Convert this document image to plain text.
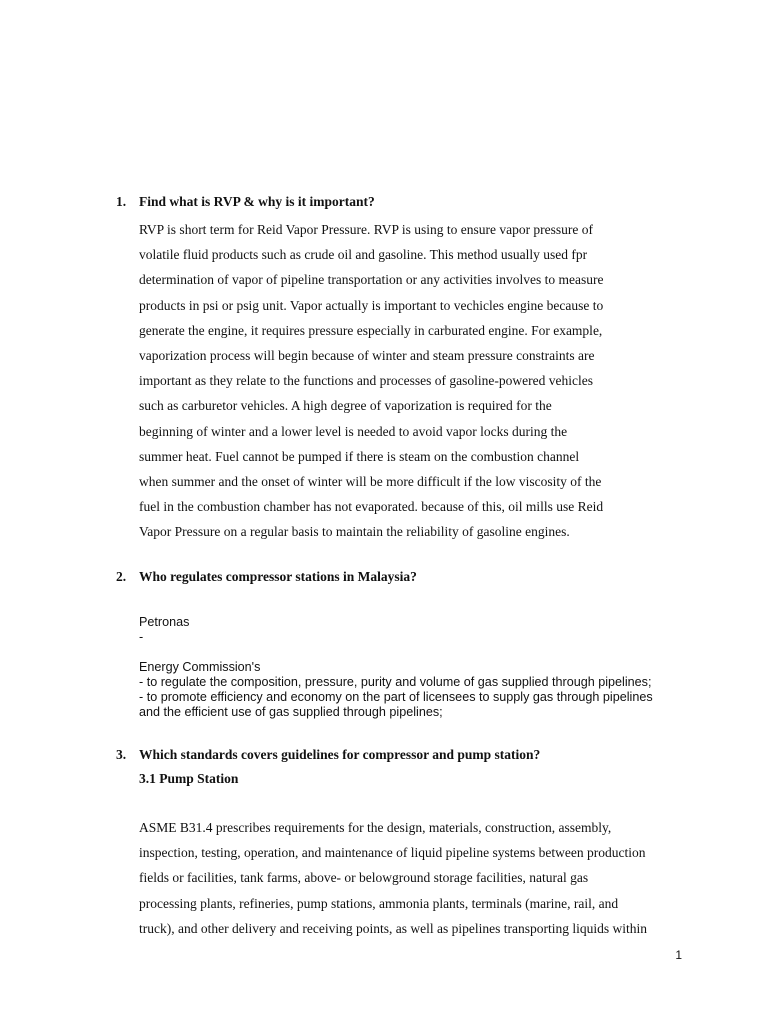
1. Find what is RVP & why is it important?

RVP is short term for Reid Vapor Pressure. RVP is using to ensure vapor pressure of

volatile fluid products such as crude oil and gasoline. This method usually used fpr

determination of vapor of pipeline transportation or any activities involves to measure

products in psi or psig unit. Vapor actually is important to vechicles engine because to

generate the engine, it requires pressure especially in carburated engine. For example,

vaporization process will begin because of winter and steam pressure constraints are

important as they relate to the functions and processes of gasoline-powered vehicles

such as carburetor vehicles. A high degree of vaporization is required for the

beginning of winter and a lower level is needed to avoid vapor locks during the

summer heat. Fuel cannot be pumped if there is steam on the combustion channel

when summer and the onset of winter will be more difficult if the low viscosity of the

fuel in the combustion chamber has not evaporated. because of this, oil mills use Reid

Vapor Pressure on a regular basis to maintain the reliability of gasoline engines.

2. Who regulates compressor stations in Malaysia?
Petronas
-
Energy Commission's
- to regulate the composition, pressure, purity and volume of gas supplied through pipelines;
- to promote efficiency and economy on the part of licensees to supply gas through pipelines
and the efficient use of gas supplied through pipelines;
3. Which standards covers guidelines for compressor and pump station?
3.1 Pump Station

ASME B31.4 prescribes requirements for the design, materials, construction, assembly,

inspection, testing, operation, and maintenance of liquid pipeline systems between production

fields or facilities, tank farms, above- or belowground storage facilities, natural gas

processing plants, refineries, pump stations, ammonia plants, terminals (marine, rail, and

truck), and other delivery and receiving points, as well as pipelines transporting liquids within

1
